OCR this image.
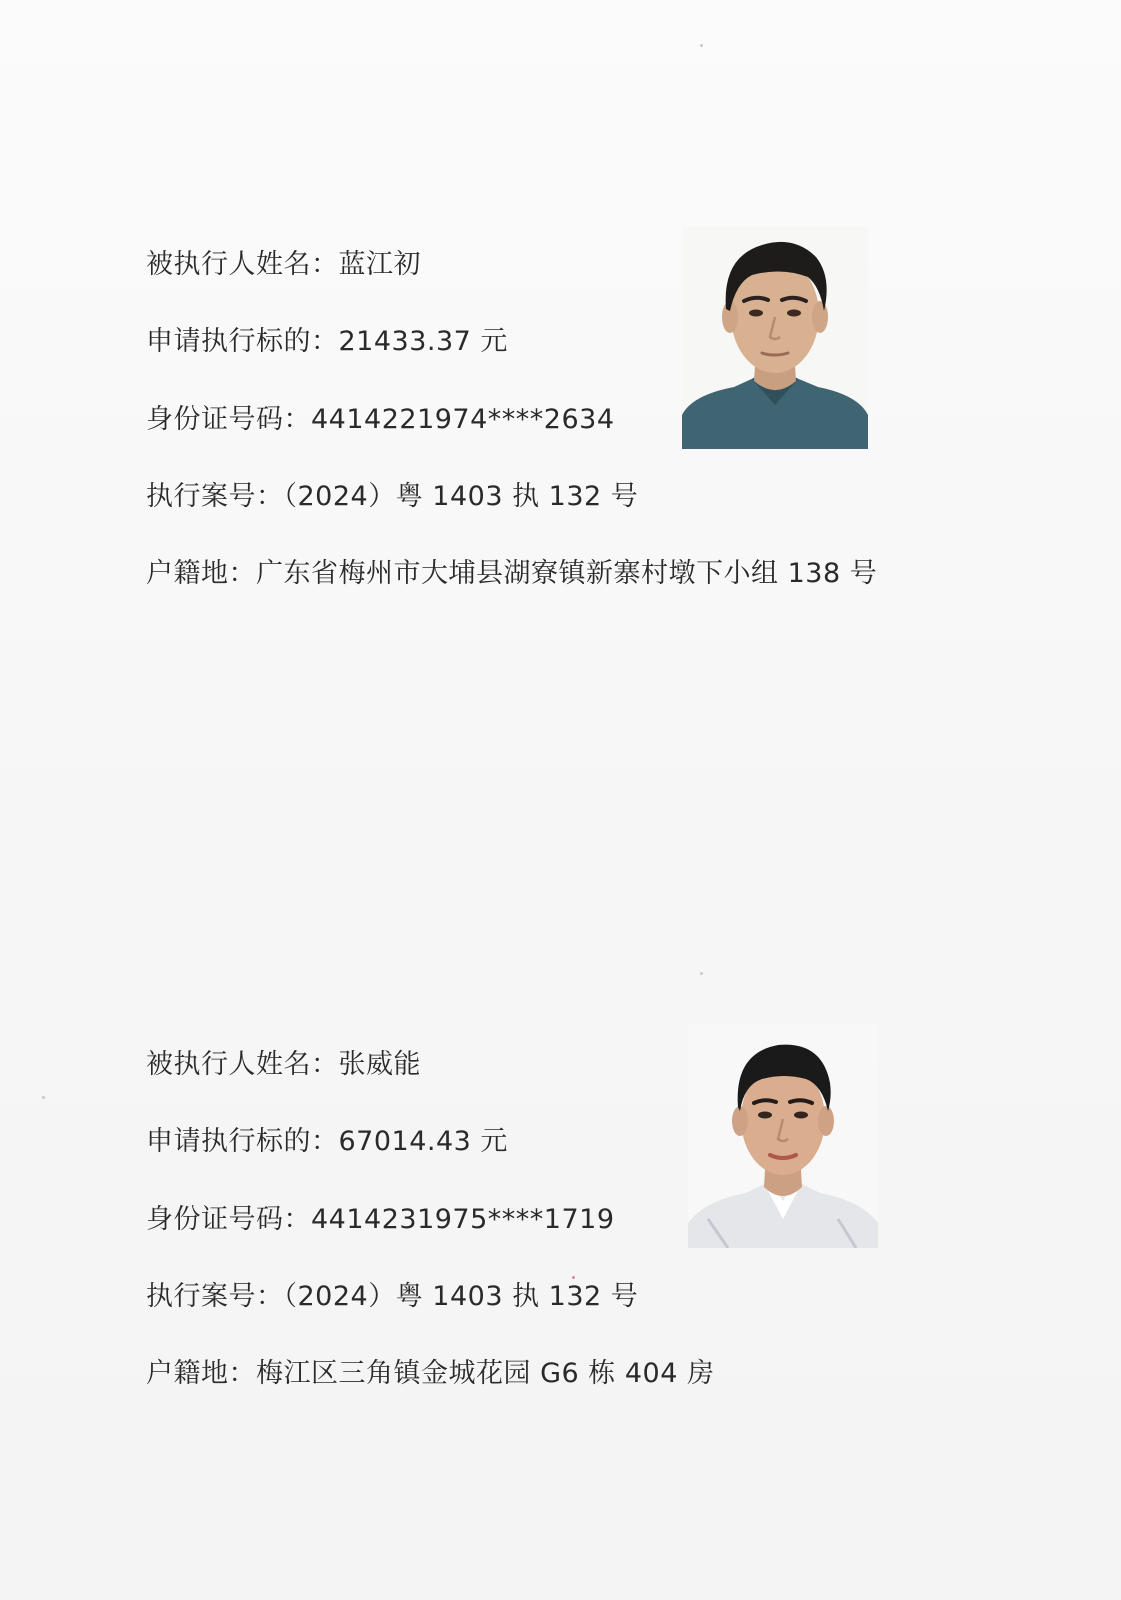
被执行人姓名：蓝江初
申请执行标的：21433.37 元
身份证号码：4414221974****2634
执行案号：（2024）粤 1403 执 132 号
户籍地：广东省梅州市大埔县湖寮镇新寨村墩下小组 138 号
被执行人姓名：张威能
申请执行标的：67014.43 元
身份证号码：4414231975****1719
执行案号：（2024）粤 1403 执 132 号
户籍地：梅江区三角镇金城花园 G6 栋 404 房
